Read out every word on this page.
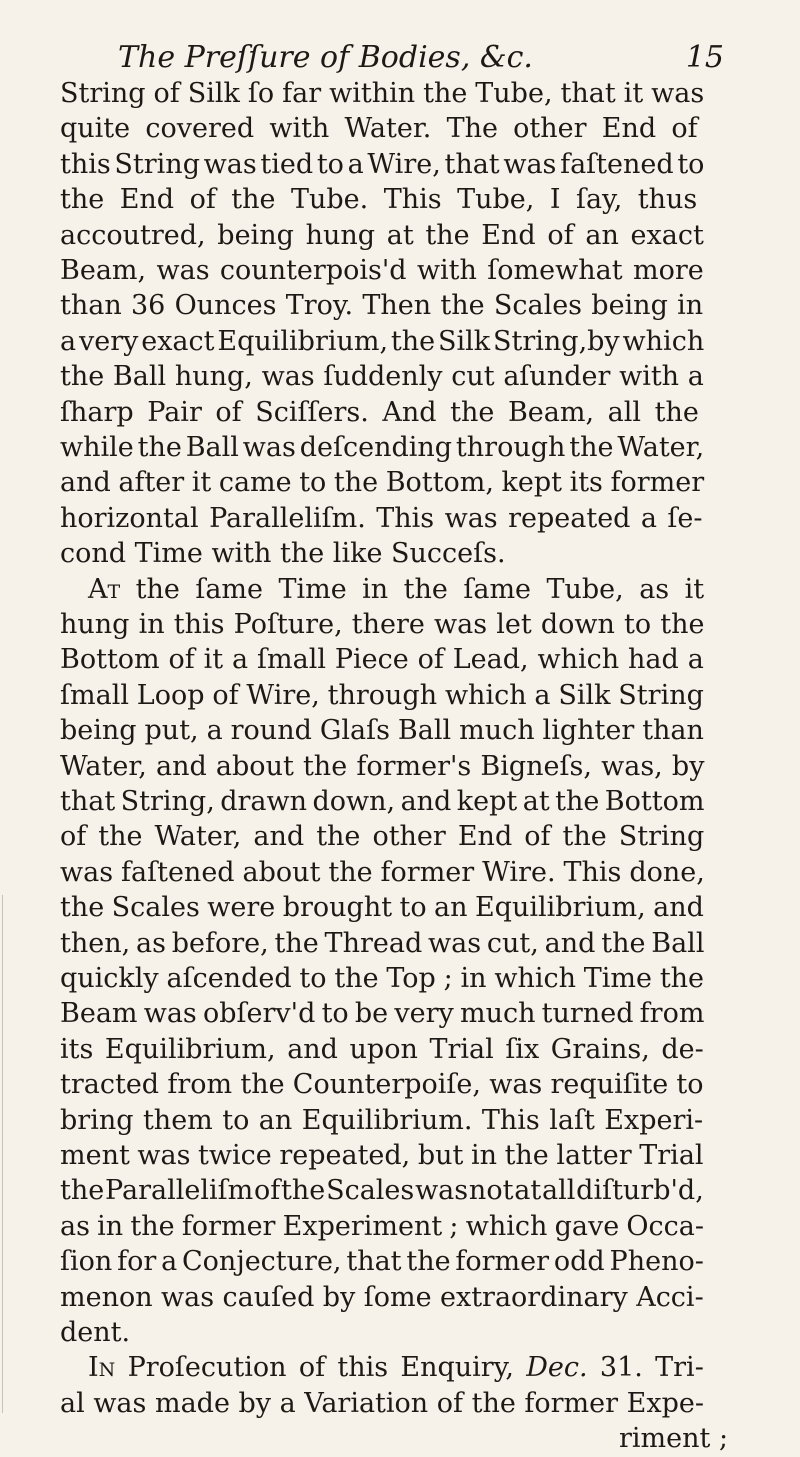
The Preſſure of Bodies, &c.	15
String of Silk ſo far within the Tube, that it was
quite covered with Water. The other End of
this String was tied to a Wire, that was faſtened to
the End of the Tube. This Tube, I ſay, thus
accoutred, being hung at the End of an exact
Beam, was counterpois'd with ſomewhat more
than 36 Ounces Troy. Then the Scales being in
a very exact Equilibrium, the Silk String,by which
the Ball hung, was ſuddenly cut aſunder with a
ſharp Pair of Sciſſers. And the Beam, all the
while the Ball was deſcending through the Water,
and after it came to the Bottom, kept its former
horizontal Paralleliſm. This was repeated a ſe-
cond Time with the like Succeſs.
At the ſame Time in the ſame Tube, as it
hung in this Poſture, there was let down to the
Bottom of it a ſmall Piece of Lead, which had a
ſmall Loop of Wire, through which a Silk String
being put, a round Glaſs Ball much lighter than
Water, and about the former's Bigneſs, was, by
that String, drawn down, and kept at the Bottom
of the Water, and the other End of the String
was faſtened about the former Wire. This done,
the Scales were brought to an Equilibrium, and
then, as before, the Thread was cut, and the Ball
quickly aſcended to the Top ; in which Time the
Beam was obſerv'd to be very much turned from
its Equilibrium, and upon Trial ſix Grains, de-
tracted from the Counterpoiſe, was requiſite to
bring them to an Equilibrium. This laſt Experi-
ment was twice repeated, but in the latter Trial
the Paralleliſm of the Scales was not at all diſturb'd,
as in the former Experiment ; which gave Occa-
ſion for a Conjecture, that the former odd Pheno-
menon was cauſed by ſome extraordinary Acci-
dent.
In Proſecution of this Enquiry, Dec. 31. Tri-
al was made by a Variation of the former Expe-
riment ;
